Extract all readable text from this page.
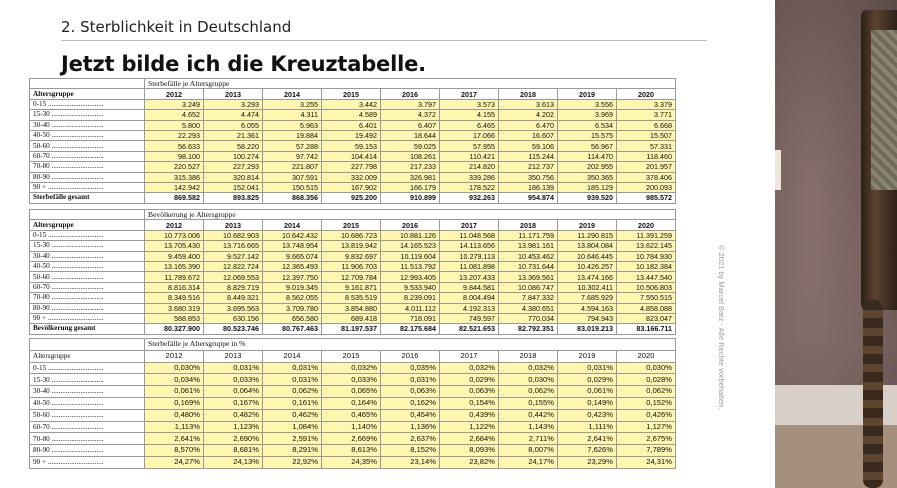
2. Sterblichkeit in Deutschland
Jetzt bilde ich die Kreuztabelle.
	Sterbefälle je Altersgruppe								
Altersgruppe	2012	2013	2014	2015	2016	2017	2018	2019	2020
0-15 ...............................	3.249	3.293	3.255	3.442	3.797	3.573	3.613	3.556	3.379
15-30 .............................	4.652	4.474	4.311	4.589	4.372	4.155	4.202	3.969	3.771
30-40 .............................	5.800	6.055	5.963	6.401	6.407	6.465	6.470	6.534	6.668
40-50 .............................	22.293	21.361	19.884	19.492	18.644	17.066	16.607	15.575	15.507
50-60 .............................	56.633	58.220	57.288	59.153	59.025	57.955	59.106	56.967	57.331
60-70 .............................	98.100	100.274	97.742	104.414	108.261	110.421	115.244	114.470	118.460
70-80 .............................	220.527	227.293	221.807	227.798	217.233	214.820	212.737	202.955	201.957
80-90 .............................	315.386	320.814	307.591	332.009	326.981	339.286	350.756	350.365	378.406
90 + ...............................	142.942	152.041	150.515	167.902	166.179	178.522	186.139	185.129	200.093
Sterbefälle gesamt	869.582	893.825	868.356	925.200	910.899	932.263	954.874	939.520	985.572
	Bevölkerung je Altersgruppe								
Altersgruppe	2012	2013	2014	2015	2016	2017	2018	2019	2020
0-15 ...............................	10.773.006	10.682.903	10.642.432	10.686.723	10.881.126	11.048.568	11.171.759	11.290.815	11.391.259
15-30 .............................	13.705.430	13.716.665	13.748.954	13.819.942	14.165.523	14.113.656	13.981.161	13.804.084	13.622.145
30-40 .............................	9.459.400	9.527.142	9.665.074	9.832.697	10.119.604	10.279.113	10.453.462	10.646.445	10.784.930
40-50 .............................	13.165.390	12.822.724	12.365.493	11.906.703	11.513.792	11.081.898	10.731.644	10.426.257	10.182.384
50-60 .............................	11.789.672	12.069.553	12.397.750	12.709.784	12.993.405	13.207.433	13.369.561	13.474.166	13.447.540
60-70 .............................	8.816.314	8.829.719	9.019.345	9.161.871	9.533.940	9.844.581	10.086.747	10.302.411	10.506.803
70-80 .............................	8.349.516	8.449.321	8.562.055	8.535.519	8.239.091	8.004.494	7.847.332	7.685.929	7.550.515
80-90 .............................	3.680.319	3.695.563	3.709.780	3.854.880	4.011.112	4.192.313	4.380.651	4.594.163	4.858.088
90 + ...............................	588.853	630.156	656.580	689.418	718.091	749.597	770.034	794.943	823.047
Bevölkerung gesamt	80.327.900	80.523.746	80.767.463	81.197.537	82.175.684	82.521.653	82.792.351	83.019.213	83.166.711
	Sterbefälle je Altersgruppe in %								
Altersgruppe	2012	2013	2014	2015	2016	2017	2018	2019	2020
0-15 ...............................	0,030%	0,031%	0,031%	0,032%	0,035%	0,032%	0,032%	0,031%	0,030%
15-30 .............................	0,034%	0,033%	0,031%	0,033%	0,031%	0,029%	0,030%	0,029%	0,028%
30-40 .............................	0,061%	0,064%	0,062%	0,065%	0,063%	0,063%	0,062%	0,061%	0,062%
40-50 .............................	0,169%	0,167%	0,161%	0,164%	0,162%	0,154%	0,155%	0,149%	0,152%
50-60 .............................	0,480%	0,482%	0,462%	0,465%	0,454%	0,439%	0,442%	0,423%	0,426%
60-70 .............................	1,113%	1,123%	1,084%	1,140%	1,136%	1,122%	1,143%	1,111%	1,127%
70-80 .............................	2,641%	2,690%	2,591%	2,669%	2,637%	2,684%	2,711%	2,641%	2,675%
80-90 .............................	8,570%	8,681%	8,291%	8,613%	8,152%	8,093%	8,007%	7,626%	7,789%
90 + ...............................	24,27%	24,13%	22,92%	24,35%	23,14%	23,82%	24,17%	23,29%	24,31%
© 2021 by Marcel Barz - Alle Rechte vorbehalten.
